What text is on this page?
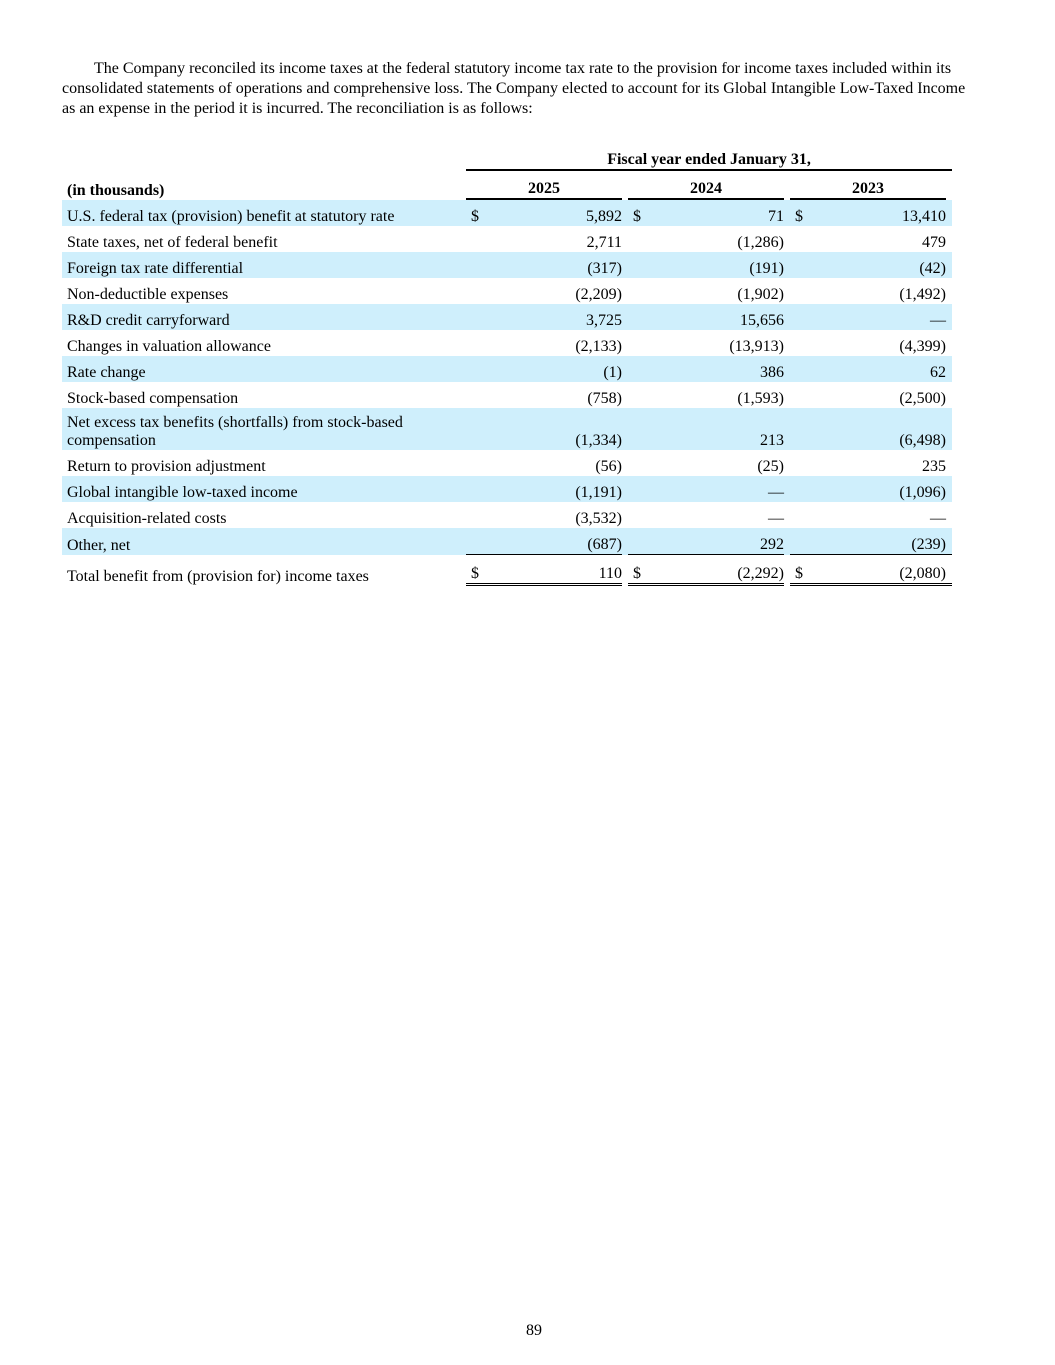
The Company reconciled its income taxes at the federal statutory income tax rate to the provision for income taxes included within its consolidated statements of operations and comprehensive loss. The Company elected to account for its Global Intangible Low-Taxed Income as an expense in the period it is incurred. The reconciliation is as follows:

	Fiscal year ended January 31,								
(in thousands)	2025			2024			2023		
U.S. federal tax (provision) benefit at statutory rate	$	5,892		$	71		$	13,410	
State taxes, net of federal benefit		2,711			(1,286)			479	
Foreign tax rate differential		(317)			(191)			(42)	
Non-deductible expenses		(2,209)			(1,902)			(1,492)	
R&D credit carryforward		3,725			15,656			—	
Changes in valuation allowance		(2,133)			(13,913)			(4,399)	
Rate change		(1)			386			62	
Stock-based compensation		(758)			(1,593)			(2,500)	
Net excess tax benefits (shortfalls) from stock-based compensation		(1,334)			213			(6,498)	
Return to provision adjustment		(56)			(25)			235	
Global intangible low-taxed income		(1,191)			—			(1,096)	
Acquisition-related costs		(3,532)			—			—	
Other, net		(687)			292			(239)	
Total benefit from (provision for) income taxes	$	110		$	(2,292)		$	(2,080)	
89
